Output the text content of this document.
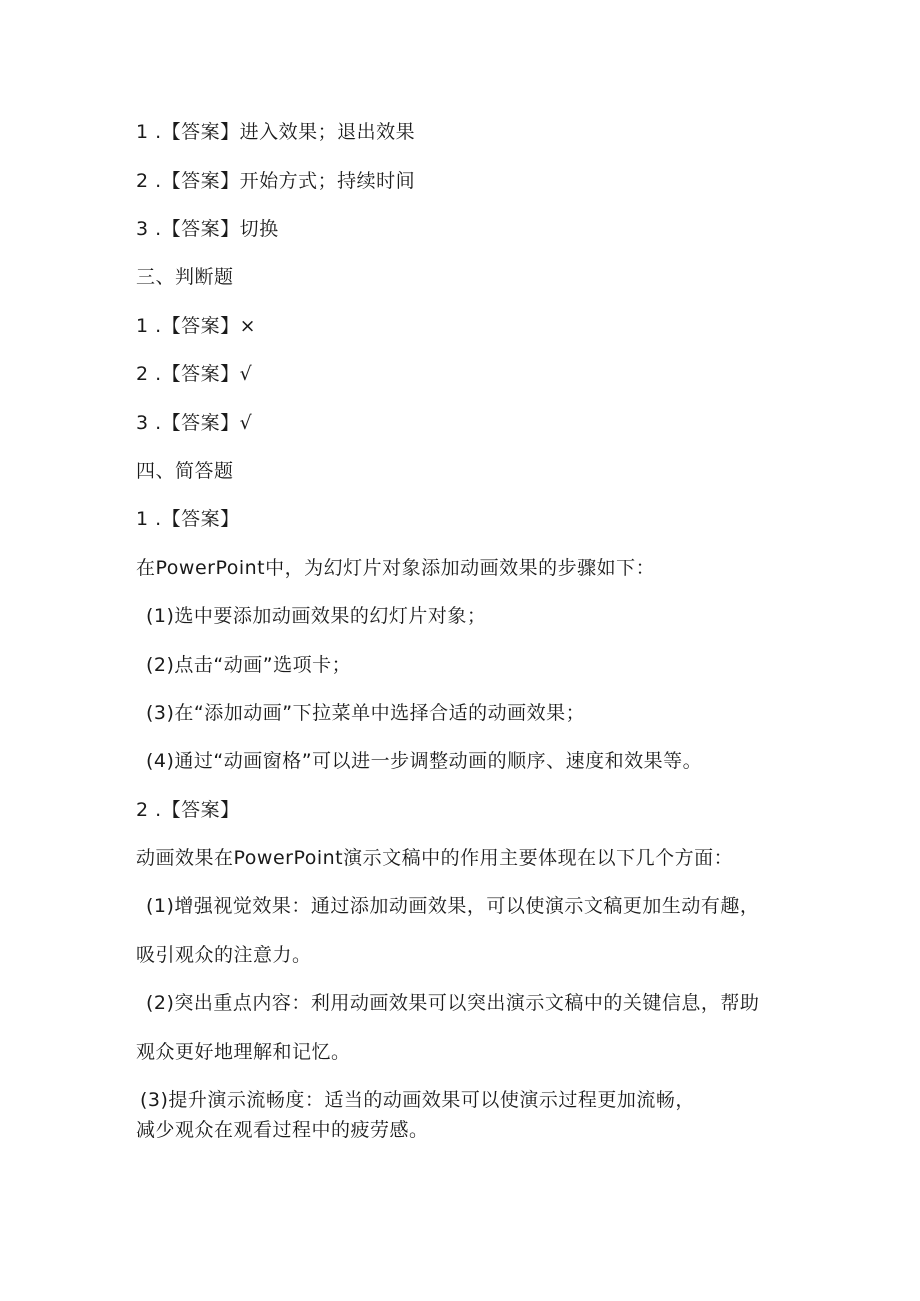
1 .【答案】进入效果；退出效果
2 .【答案】开始方式；持续时间
3 .【答案】切换
三、判断题
1 .【答案】×
2 .【答案】√
3 .【答案】√
四、简答题
1 .【答案】
在PowerPoint中，为幻灯片对象添加动画效果的步骤如下：
(1)选中要添加动画效果的幻灯片对象；
(2)点击“动画”选项卡；
(3)在“添加动画”下拉菜单中选择合适的动画效果；
(4)通过“动画窗格”可以进一步调整动画的顺序、速度和效果等。
2 .【答案】
动画效果在PowerPoint演示文稿中的作用主要体现在以下几个方面：
(1)增强视觉效果：通过添加动画效果，可以使演示文稿更加生动有趣，
吸引观众的注意力。
(2)突出重点内容：利用动画效果可以突出演示文稿中的关键信息，帮助
观众更好地理解和记忆。
(3)提升演示流畅度：适当的动画效果可以使演示过程更加流畅，
减少观众在观看过程中的疲劳感。
